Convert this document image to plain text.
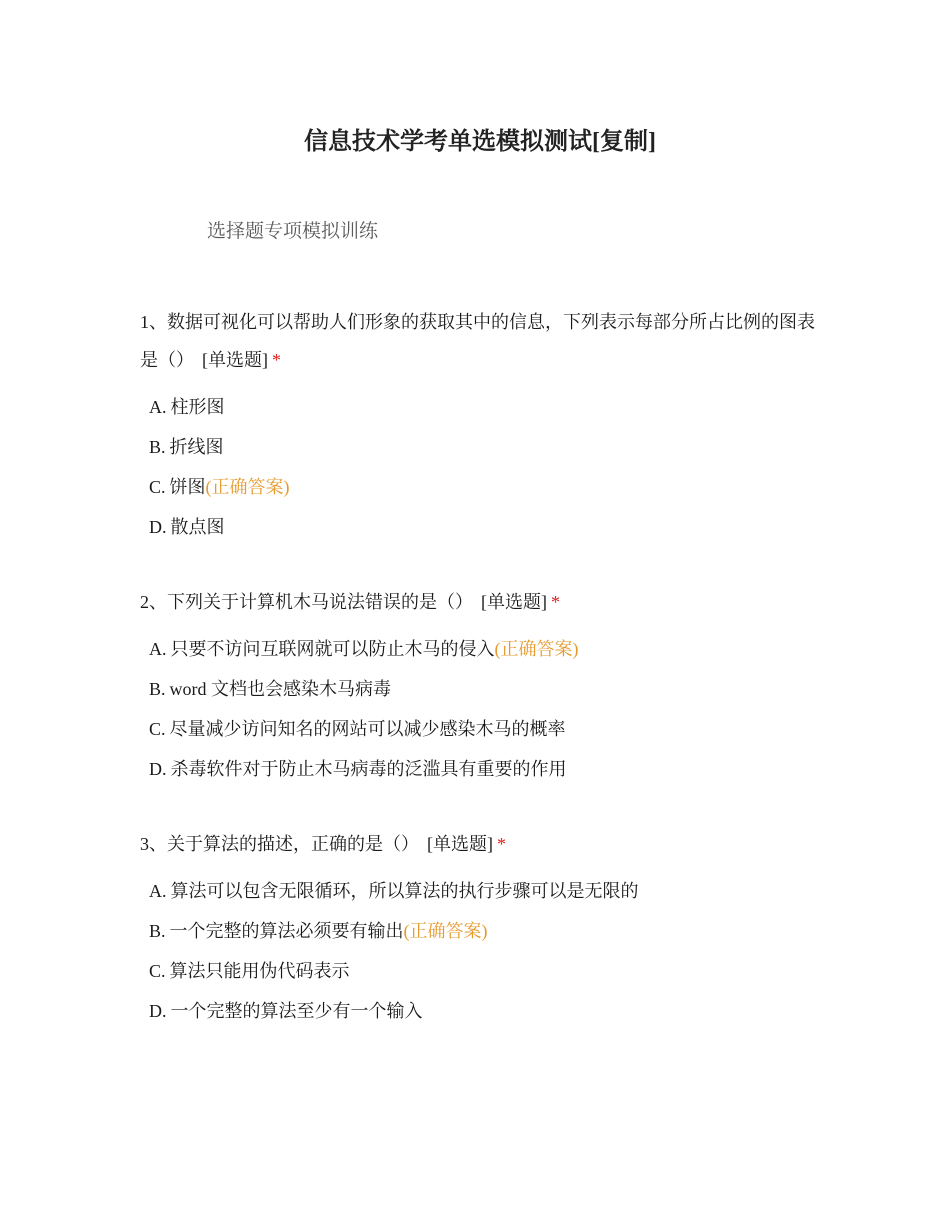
信息技术学考单选模拟测试[复制]
选择题专项模拟训练
1、数据可视化可以帮助人们形象的获取其中的信息，下列表示每部分所占比例的图表是（） [单选题] *
A. 柱形图
B. 折线图
C. 饼图(正确答案)
D. 散点图
2、下列关于计算机木马说法错误的是（） [单选题] *
A. 只要不访问互联网就可以防止木马的侵入(正确答案)
B. word 文档也会感染木马病毒
C. 尽量减少访问知名的网站可以减少感染木马的概率
D. 杀毒软件对于防止木马病毒的泛滥具有重要的作用
3、关于算法的描述，正确的是（） [单选题] *
A. 算法可以包含无限循环，所以算法的执行步骤可以是无限的
B. 一个完整的算法必须要有输出(正确答案)
C. 算法只能用伪代码表示
D. 一个完整的算法至少有一个输入
